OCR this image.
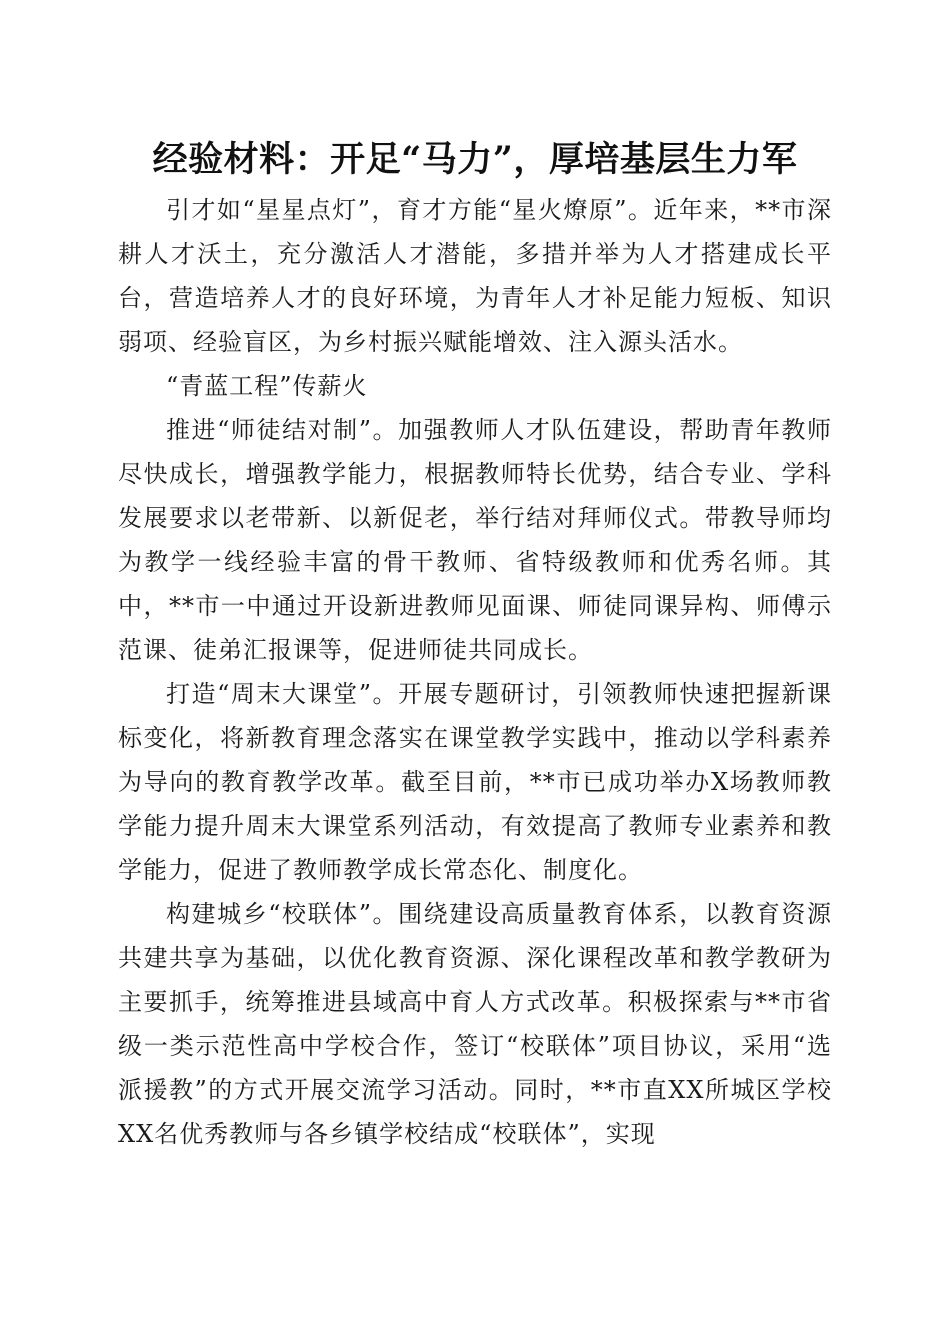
经验材料：开足“马力”，厚培基层生力军

引才如“星星点灯”，育才方能“星火燎原”。近年来，**市深耕人才沃土，充分激活人才潜能，多措并举为人才搭建成长平台，营造培养人才的良好环境，为青年人才补足能力短板、知识弱项、经验盲区，为乡村振兴赋能增效、注入源头活水。

“青蓝工程”传薪火

推进“师徒结对制”。加强教师人才队伍建设，帮助青年教师尽快成长，增强教学能力，根据教师特长优势，结合专业、学科发展要求以老带新、以新促老，举行结对拜师仪式。带教导师均为教学一线经验丰富的骨干教师、省特级教师和优秀名师。其中，**市一中通过开设新进教师见面课、师徒同课异构、师傅示范课、徒弟汇报课等，促进师徒共同成长。

打造“周末大课堂”。开展专题研讨，引领教师快速把握新课标变化，将新教育理念落实在课堂教学实践中，推动以学科素养为导向的教育教学改革。截至目前，**市已成功举办X场教师教学能力提升周末大课堂系列活动，有效提高了教师专业素养和教学能力，促进了教师教学成长常态化、制度化。

构建城乡“校联体”。围绕建设高质量教育体系，以教育资源共建共享为基础，以优化教育资源、深化课程改革和教学教研为主要抓手，统筹推进县域高中育人方式改革。积极探索与**市省级一类示范性高中学校合作，签订“校联体”项目协议，采用“选派援教”的方式开展交流学习活动。同时，**市直XX所城区学校XX名优秀教师与各乡镇学校结成“校联体”，实现
